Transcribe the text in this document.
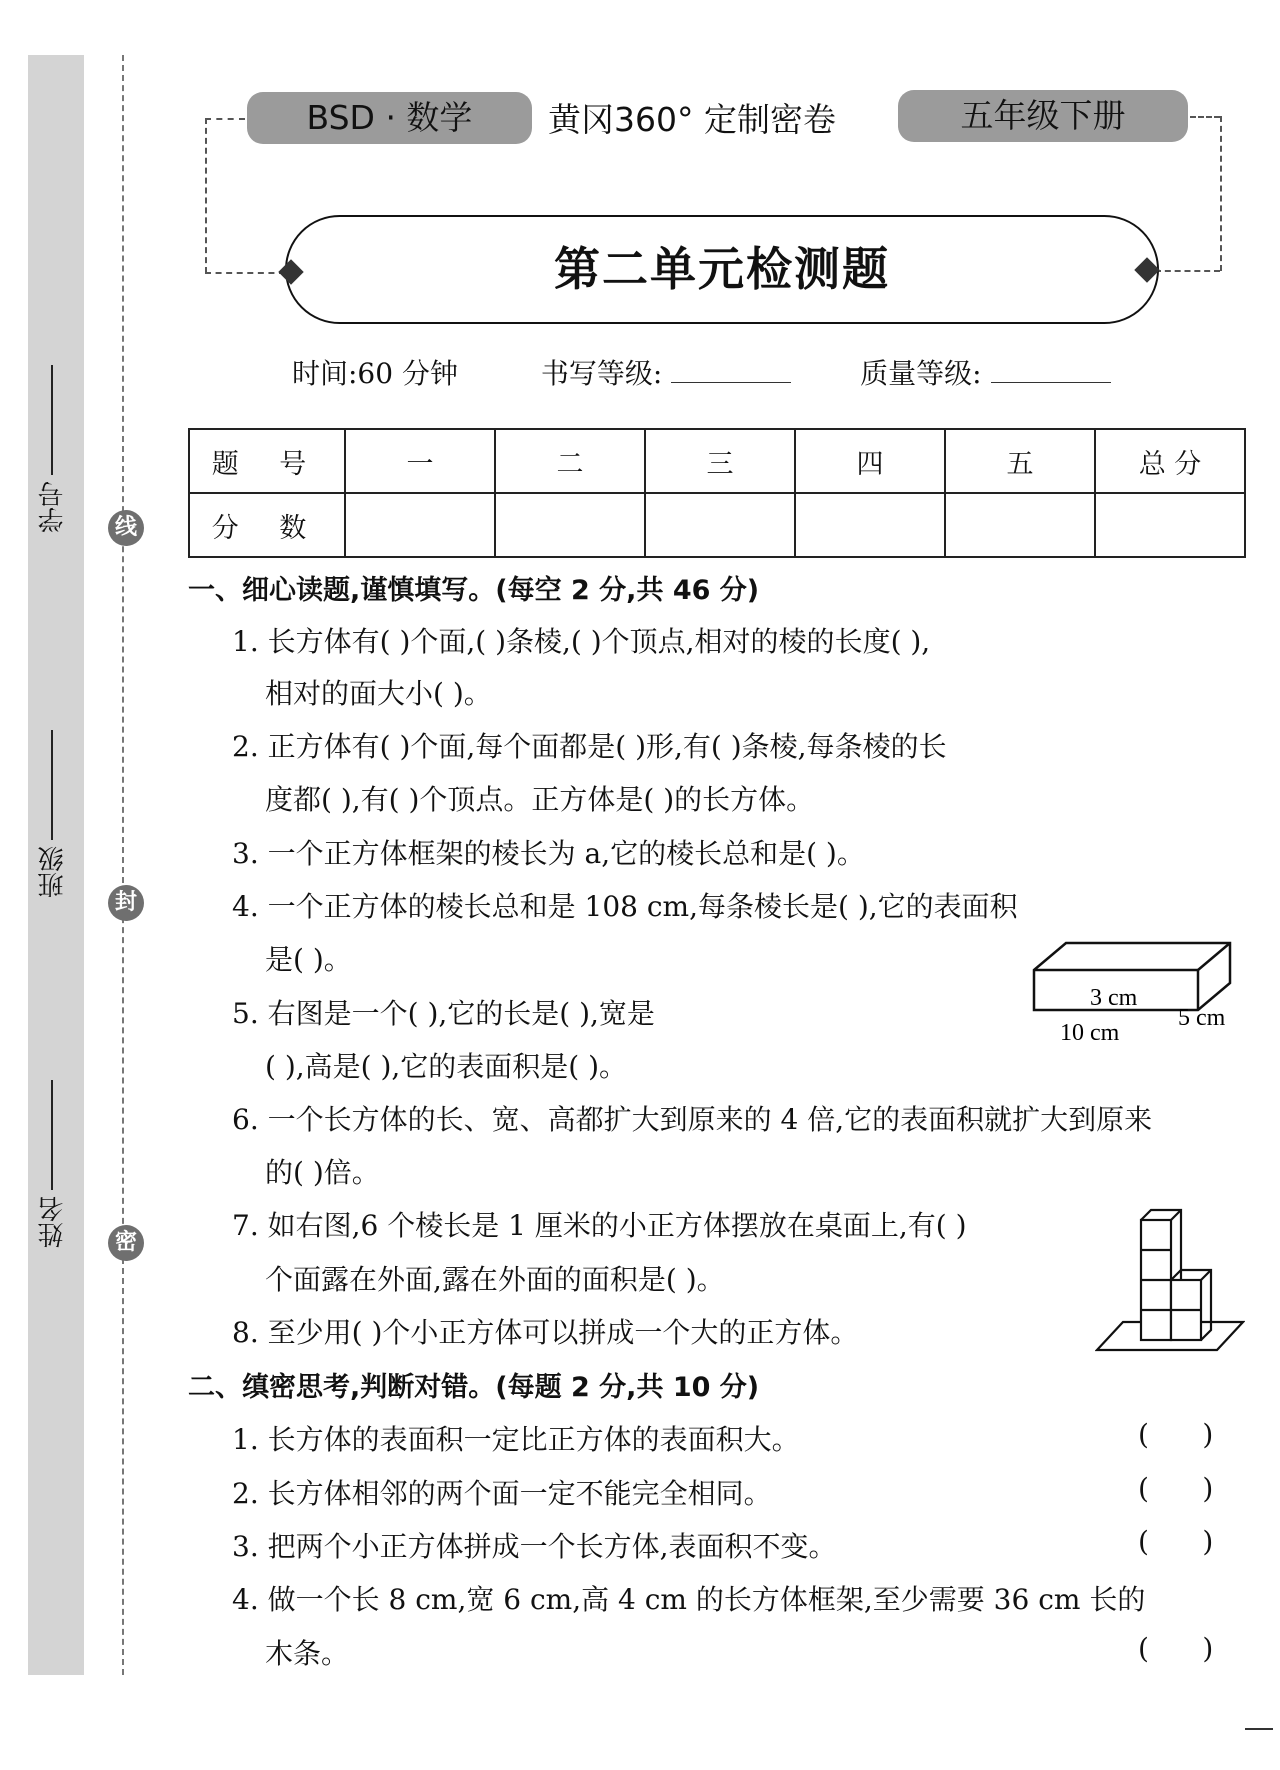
线
封
密
学号
班级
姓名
BSD · 数学	黄冈360° 定制密卷	五年级下册
第二单元检测题
时间:60 分钟	书写等级:	质量等级:
题 号	一	二	三	四	五	总 分
分 数						
一、细心读题,谨慎填写。(每空 2 分,共 46 分)
1. 长方体有( )个面,( )条棱,( )个顶点,相对的棱的长度( ),
相对的面大小( )。
2. 正方体有( )个面,每个面都是( )形,有( )条棱,每条棱的长
度都( ),有( )个顶点。正方体是( )的长方体。
3. 一个正方体框架的棱长为 a,它的棱长总和是( )。
4. 一个正方体的棱长总和是 108 cm,每条棱长是( ),它的表面积
是( )。
5. 右图是一个( ),它的长是( ),宽是
( ),高是( ),它的表面积是( )。
6. 一个长方体的长、宽、高都扩大到原来的 4 倍,它的表面积就扩大到原来
的( )倍。
7. 如右图,6 个棱长是 1 厘米的小正方体摆放在桌面上,有( )
个面露在外面,露在外面的面积是( )。
8. 至少用( )个小正方体可以拼成一个大的正方体。
3 cm
10 cm
5 cm
二、缜密思考,判断对错。(每题 2 分,共 10 分)
1. 长方体的表面积一定比正方体的表面积大。	(      )
2. 长方体相邻的两个面一定不能完全相同。	(      )
3. 把两个小正方体拼成一个长方体,表面积不变。	(      )
4. 做一个长 8 cm,宽 6 cm,高 4 cm 的长方体框架,至少需要 36 cm 长的
木条。	(      )
